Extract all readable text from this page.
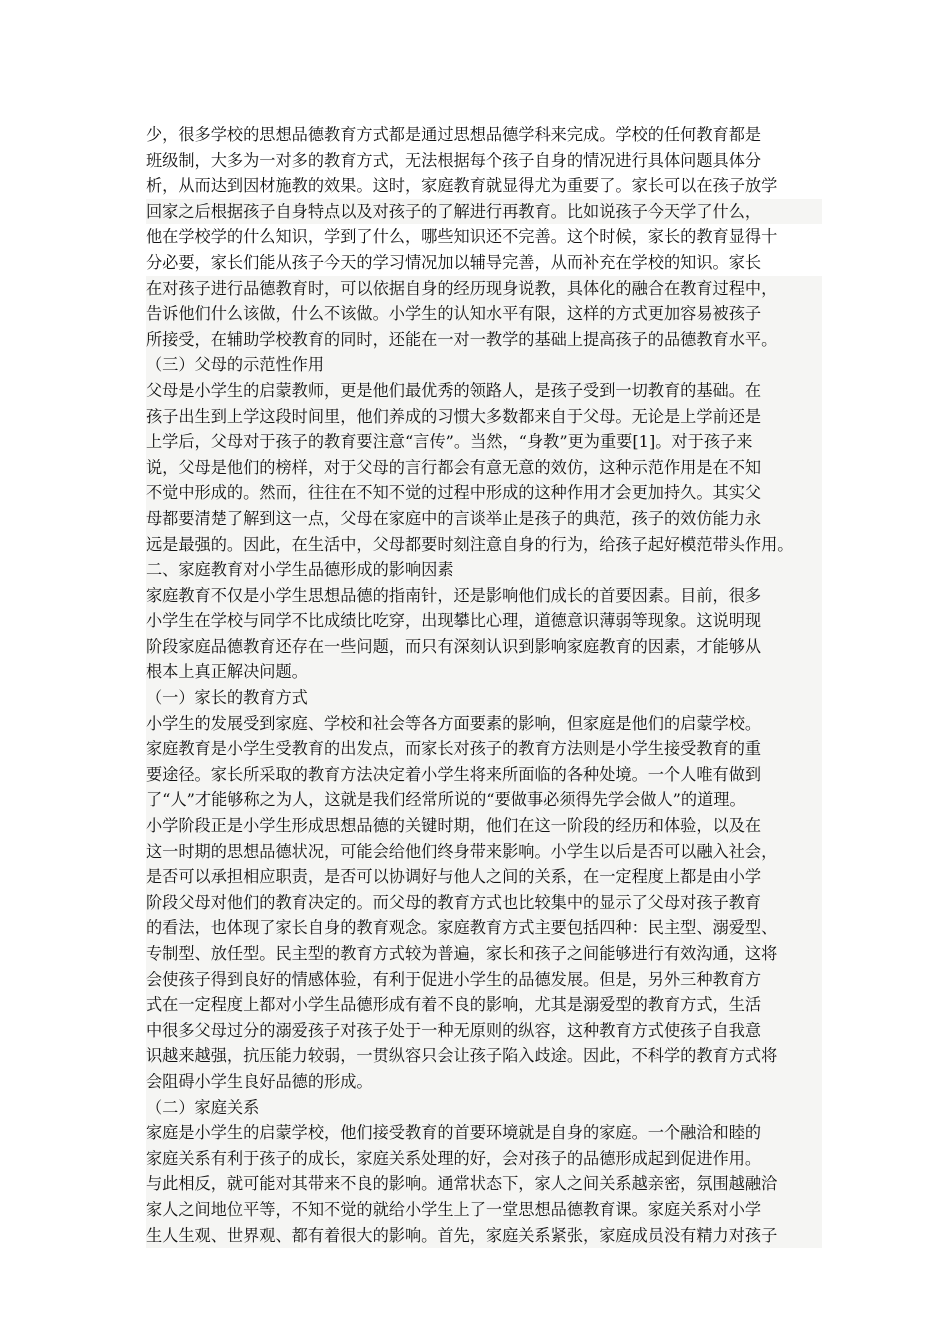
少，很多学校的思想品德教育方式都是通过思想品德学科来完成。学校的任何教育都是
班级制，大多为一对多的教育方式，无法根据每个孩子自身的情况进行具体问题具体分
析，从而达到因材施教的效果。这时，家庭教育就显得尤为重要了。家长可以在孩子放学
回家之后根据孩子自身特点以及对孩子的了解进行再教育。比如说孩子今天学了什么，
他在学校学的什么知识，学到了什么，哪些知识还不完善。这个时候，家长的教育显得十
分必要，家长们能从孩子今天的学习情况加以辅导完善，从而补充在学校的知识。家长
在对孩子进行品德教育时，可以依据自身的经历现身说教，具体化的融合在教育过程中，
告诉他们什么该做，什么不该做。小学生的认知水平有限，这样的方式更加容易被孩子
所接受，在辅助学校教育的同时，还能在一对一教学的基础上提高孩子的品德教育水平。
（三）父母的示范性作用
父母是小学生的启蒙教师，更是他们最优秀的领路人，是孩子受到一切教育的基础。在
孩子出生到上学这段时间里，他们养成的习惯大多数都来自于父母。无论是上学前还是
上学后，父母对于孩子的教育要注意“言传”。当然，“身教”更为重要[1]。对于孩子来
说，父母是他们的榜样，对于父母的言行都会有意无意的效仿，这种示范作用是在不知
不觉中形成的。然而，往往在不知不觉的过程中形成的这种作用才会更加持久。其实父
母都要清楚了解到这一点，父母在家庭中的言谈举止是孩子的典范，孩子的效仿能力永
远是最强的。因此，在生活中，父母都要时刻注意自身的行为，给孩子起好模范带头作用。
二、家庭教育对小学生品德形成的影响因素
家庭教育不仅是小学生思想品德的指南针，还是影响他们成长的首要因素。目前，很多
小学生在学校与同学不比成绩比吃穿，出现攀比心理，道德意识薄弱等现象。这说明现
阶段家庭品德教育还存在一些问题，而只有深刻认识到影响家庭教育的因素，才能够从
根本上真正解决问题。
（一）家长的教育方式
小学生的发展受到家庭、学校和社会等各方面要素的影响，但家庭是他们的启蒙学校。
家庭教育是小学生受教育的出发点，而家长对孩子的教育方法则是小学生接受教育的重
要途径。家长所采取的教育方法决定着小学生将来所面临的各种处境。一个人唯有做到
了“人”才能够称之为人，这就是我们经常所说的“要做事必须得先学会做人”的道理。
小学阶段正是小学生形成思想品德的关键时期，他们在这一阶段的经历和体验，以及在
这一时期的思想品德状况，可能会给他们终身带来影响。小学生以后是否可以融入社会，
是否可以承担相应职责，是否可以协调好与他人之间的关系，在一定程度上都是由小学
阶段父母对他们的教育决定的。而父母的教育方式也比较集中的显示了父母对孩子教育
的看法，也体现了家长自身的教育观念。家庭教育方式主要包括四种：民主型、溺爱型、
专制型、放任型。民主型的教育方式较为普遍，家长和孩子之间能够进行有效沟通，这将
会使孩子得到良好的情感体验，有利于促进小学生的品德发展。但是，另外三种教育方
式在一定程度上都对小学生品德形成有着不良的影响，尤其是溺爱型的教育方式，生活
中很多父母过分的溺爱孩子对孩子处于一种无原则的纵容，这种教育方式使孩子自我意
识越来越强，抗压能力较弱，一贯纵容只会让孩子陷入歧途。因此，不科学的教育方式将
会阻碍小学生良好品德的形成。
（二）家庭关系
家庭是小学生的启蒙学校，他们接受教育的首要环境就是自身的家庭。一个融洽和睦的
家庭关系有利于孩子的成长，家庭关系处理的好，会对孩子的品德形成起到促进作用。
与此相反，就可能对其带来不良的影响。通常状态下，家人之间关系越亲密，氛围越融洽
家人之间地位平等，不知不觉的就给小学生上了一堂思想品德教育课。家庭关系对小学
生人生观、世界观、都有着很大的影响。首先，家庭关系紧张，家庭成员没有精力对孩子
